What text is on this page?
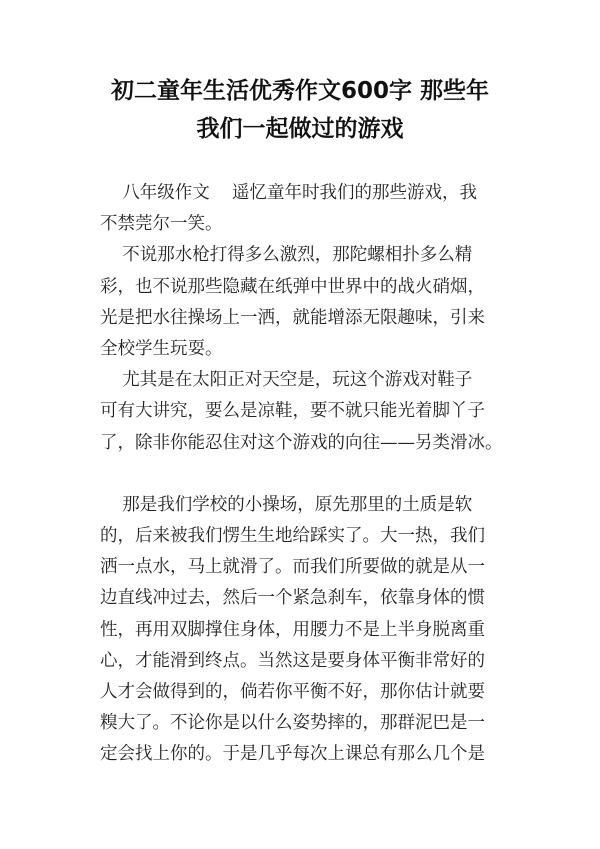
初二童年生活优秀作文600字 那些年
我们一起做过的游戏
八年级作文    遥忆童年时我们的那些游戏，我
不禁莞尔一笑。
不说那水枪打得多么激烈，那陀螺相扑多么精
彩，也不说那些隐藏在纸弹中世界中的战火硝烟，
光是把水往操场上一洒，就能增添无限趣味，引来
全校学生玩耍。
尤其是在太阳正对天空是，玩这个游戏对鞋子
可有大讲究，要么是凉鞋，要不就只能光着脚丫子
了，除非你能忍住对这个游戏的向往——另类滑冰。
那是我们学校的小操场，原先那里的土质是软
的，后来被我们愣生生地给踩实了。大一热，我们
洒一点水，马上就滑了。而我们所要做的就是从一
边直线冲过去，然后一个紧急刹车，依靠身体的惯
性，再用双脚撑住身体，用腰力不是上半身脱离重
心，才能滑到终点。当然这是要身体平衡非常好的
人才会做得到的，倘若你平衡不好，那你估计就要
糗大了。不论你是以什么姿势摔的，那群泥巴是一
定会找上你的。于是几乎每次上课总有那么几个是
